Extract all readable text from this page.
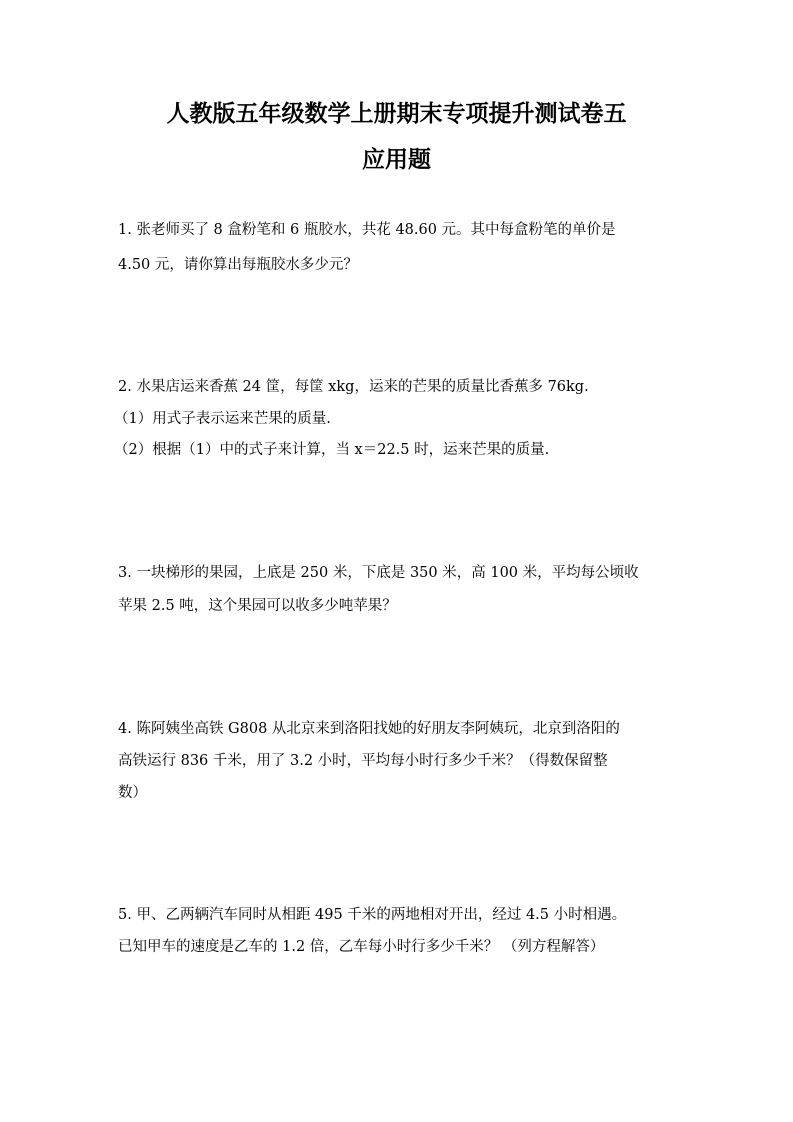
人教版五年级数学上册期末专项提升测试卷五
应用题
1. 张老师买了 8 盒粉笔和 6 瓶胶水，共花 48.60 元。其中每盒粉笔的单价是
4.50 元，请你算出每瓶胶水多少元？
2. 水果店运来香蕉 24 筐，每筐 xkg，运来的芒果的质量比香蕉多 76kg.
（1）用式子表示运来芒果的质量.
（2）根据（1）中的式子来计算，当 x＝22.5 时，运来芒果的质量.
3. 一块梯形的果园，上底是 250 米，下底是 350 米，高 100 米，平均每公顷收
苹果 2.5 吨，这个果园可以收多少吨苹果？
4. 陈阿姨坐高铁 G808 从北京来到洛阳找她的好朋友李阿姨玩，北京到洛阳的
高铁运行 836 千米，用了 3.2 小时，平均每小时行多少千米？（得数保留整
数）
5. 甲、乙两辆汽车同时从相距 495 千米的两地相对开出，经过 4.5 小时相遇。
已知甲车的速度是乙车的 1.2 倍，乙车每小时行多少千米？ （列方程解答）
